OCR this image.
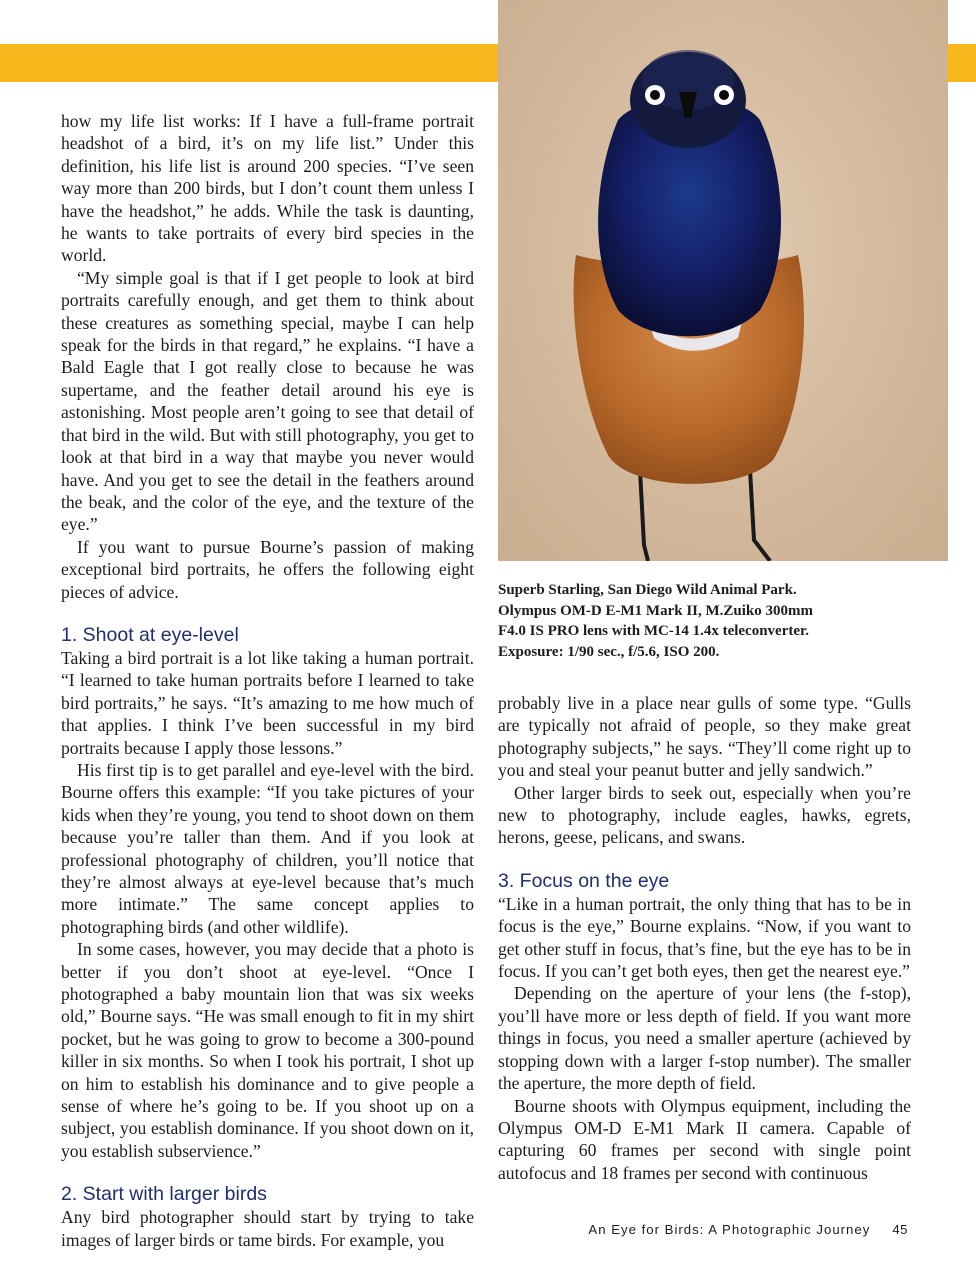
how my life list works: If I have a full-frame portrait headshot of a bird, it’s on my life list.” Under this definition, his life list is around 200 species. “I’ve seen way more than 200 birds, but I don’t count them unless I have the headshot,” he adds. While the task is daunting, he wants to take portraits of every bird species in the world.

“My simple goal is that if I get people to look at bird portraits carefully enough, and get them to think about these creatures as something special, maybe I can help speak for the birds in that regard,” he explains. “I have a Bald Eagle that I got really close to because he was supertame, and the feather detail around his eye is astonishing. Most people aren’t going to see that detail of that bird in the wild. But with still photography, you get to look at that bird in a way that maybe you never would have. And you get to see the detail in the feathers around the beak, and the color of the eye, and the texture of the eye.”

If you want to pursue Bourne’s passion of making exceptional bird portraits, he offers the following eight pieces of advice.

1. Shoot at eye-level

Taking a bird portrait is a lot like taking a human portrait. “I learned to take human portraits before I learned to take bird portraits,” he says. “It’s amazing to me how much of that applies. I think I’ve been successful in my bird portraits because I apply those lessons.”

His first tip is to get parallel and eye-level with the bird. Bourne offers this example: “If you take pictures of your kids when they’re young, you tend to shoot down on them because you’re taller than them. And if you look at professional photography of children, you’ll notice that they’re almost always at eye-level because that’s much more intimate.” The same concept applies to photographing birds (and other wildlife).

In some cases, however, you may decide that a photo is better if you don’t shoot at eye-level. “Once I photographed a baby mountain lion that was six weeks old,” Bourne says. “He was small enough to fit in my shirt pocket, but he was going to grow to become a 300-pound killer in six months. So when I took his portrait, I shot up on him to establish his dominance and to give people a sense of where he’s going to be. If you shoot up on a subject, you establish dominance. If you shoot down on it, you establish subservience.”

2. Start with larger birds

Any bird photographer should start by trying to take images of larger birds or tame birds. For example, you

Superb Starling, San Diego Wild Animal Park.
Olympus OM-D E-M1 Mark II, M.Zuiko 300mm
F4.0 IS PRO lens with MC-14 1.4x teleconverter.
Exposure: 1/90 sec., f/5.6, ISO 200.

probably live in a place near gulls of some type. “Gulls are typically not afraid of people, so they make great photography subjects,” he says. “They’ll come right up to you and steal your peanut butter and jelly sandwich.”

Other larger birds to seek out, especially when you’re new to photography, include eagles, hawks, egrets, herons, geese, pelicans, and swans.

3. Focus on the eye

“Like in a human portrait, the only thing that has to be in focus is the eye,” Bourne explains. “Now, if you want to get other stuff in focus, that’s fine, but the eye has to be in focus. If you can’t get both eyes, then get the nearest eye.”

Depending on the aperture of your lens (the f-stop), you’ll have more or less depth of field. If you want more things in focus, you need a smaller aperture (achieved by stopping down with a larger f-stop number). The smaller the aperture, the more depth of field.

Bourne shoots with Olympus equipment, including the Olympus OM-D E-M1 Mark II camera. Capable of capturing 60 frames per second with single point autofocus and 18 frames per second with continuous

An Eye for Birds: A Photographic Journey 45
